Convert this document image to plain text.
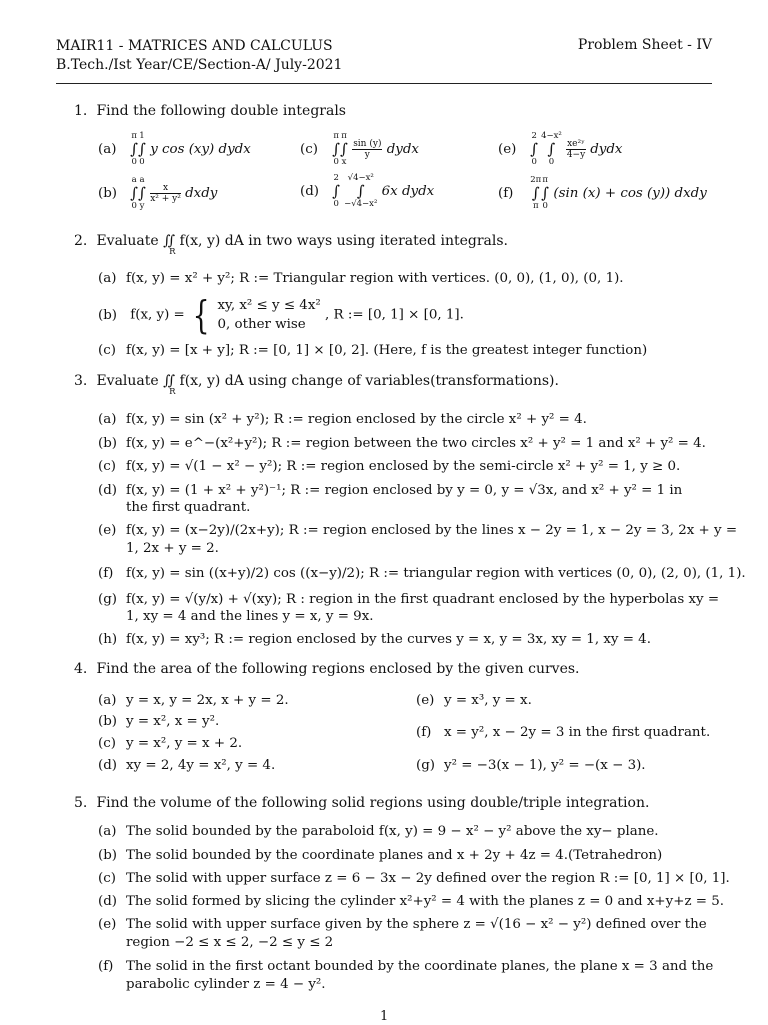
MAIR11 - MATRICES AND CALCULUS
B.Tech./Ist Year/CE/Section-A/ July-2021
Problem Sheet - IV
1. Find the following double integrals
(a)
π
∫
0
1
∫
0
y cos (xy) dydx
(b)
a
∫
0
a
∫
y

$\frac{x}{\text{x² + y²}}$ dxdy
(c)
π
∫
0
π
∫
x

$\frac{\sin (y)}{y}$ dydx
(d)
2
∫
0
√4−x²
∫
−√4−x²
6x dydx
(e)
2
∫
0
4−x²
∫
0

$\frac{\text{xe²ʸ}}{4-y}$ dydx
(f)
2π
∫
π
π
∫
0
(sin (x) + cos (y)) dxdy
2. Evaluate ∬
R
f(x, y) dA in two ways using iterated integrals.
(a) f(x, y) = x² + y²; R := Triangular region with vertices. (0, 0), (1, 0), (0, 1).
(b) f(x, y) = { xy, x² ≤ y ≤ 4x²
0, other wise
, R := [0, 1] × [0, 1].
(c) f(x, y) = [x + y]; R := [0, 1] × [0, 2]. (Here, f is the greatest integer function)
3. Evaluate ∬
R
f(x, y) dA using change of variables(transformations).
(a) f(x, y) = sin (x² + y²); R := region enclosed by the circle x² + y² = 4.
(b) f(x, y) = e^−(x²+y²); R := region between the two circles x² + y² = 1 and x² + y² = 4.
(c) f(x, y) = √(1 − x² − y²); R := region enclosed by the semi-circle x² + y² = 1, y ≥ 0.
(d) f(x, y) = (1 + x² + y²)⁻¹; R := region enclosed by y = 0, y = √3x, and x² + y² = 1 in
the first quadrant.
(e) f(x, y) = (x−2y)/(2x+y); R := region enclosed by the lines x − 2y = 1, x − 2y = 3, 2x + y =
1, 2x + y = 2.
(f) f(x, y) = sin ((x+y)/2) cos ((x−y)/2); R := triangular region with vertices (0, 0), (2, 0), (1, 1).
(g) f(x, y) = √(y/x) + √(xy); R : region in the first quadrant enclosed by the hyperbolas xy =
1, xy = 4 and the lines y = x, y = 9x.
(h) f(x, y) = xy³; R := region enclosed by the curves y = x, y = 3x, xy = 1, xy = 4.
4. Find the area of the following regions enclosed by the given curves.
(a) y = x, y = 2x, x + y = 2.
(b) y = x², x = y².
(c) y = x², y = x + 2.
(d) xy = 2, 4y = x², y = 4.
(e) y = x³, y = x.
(f) x = y², x − 2y = 3 in the first quadrant.
(g) y² = −3(x − 1), y² = −(x − 3).
5. Find the volume of the following solid regions using double/triple integration.
(a) The solid bounded by the paraboloid f(x, y) = 9 − x² − y² above the xy− plane.
(b) The solid bounded by the coordinate planes and x + 2y + 4z = 4.(Tetrahedron)
(c) The solid with upper surface z = 6 − 3x − 2y defined over the region R := [0, 1] × [0, 1].
(d) The solid formed by slicing the cylinder x²+y² = 4 with the planes z = 0 and x+y+z = 5.
(e) The solid with upper surface given by the sphere z = √(16 − x² − y²) defined over the
region −2 ≤ x ≤ 2, −2 ≤ y ≤ 2
(f) The solid in the first octant bounded by the coordinate planes, the plane x = 3 and the
parabolic cylinder z = 4 − y².
1
